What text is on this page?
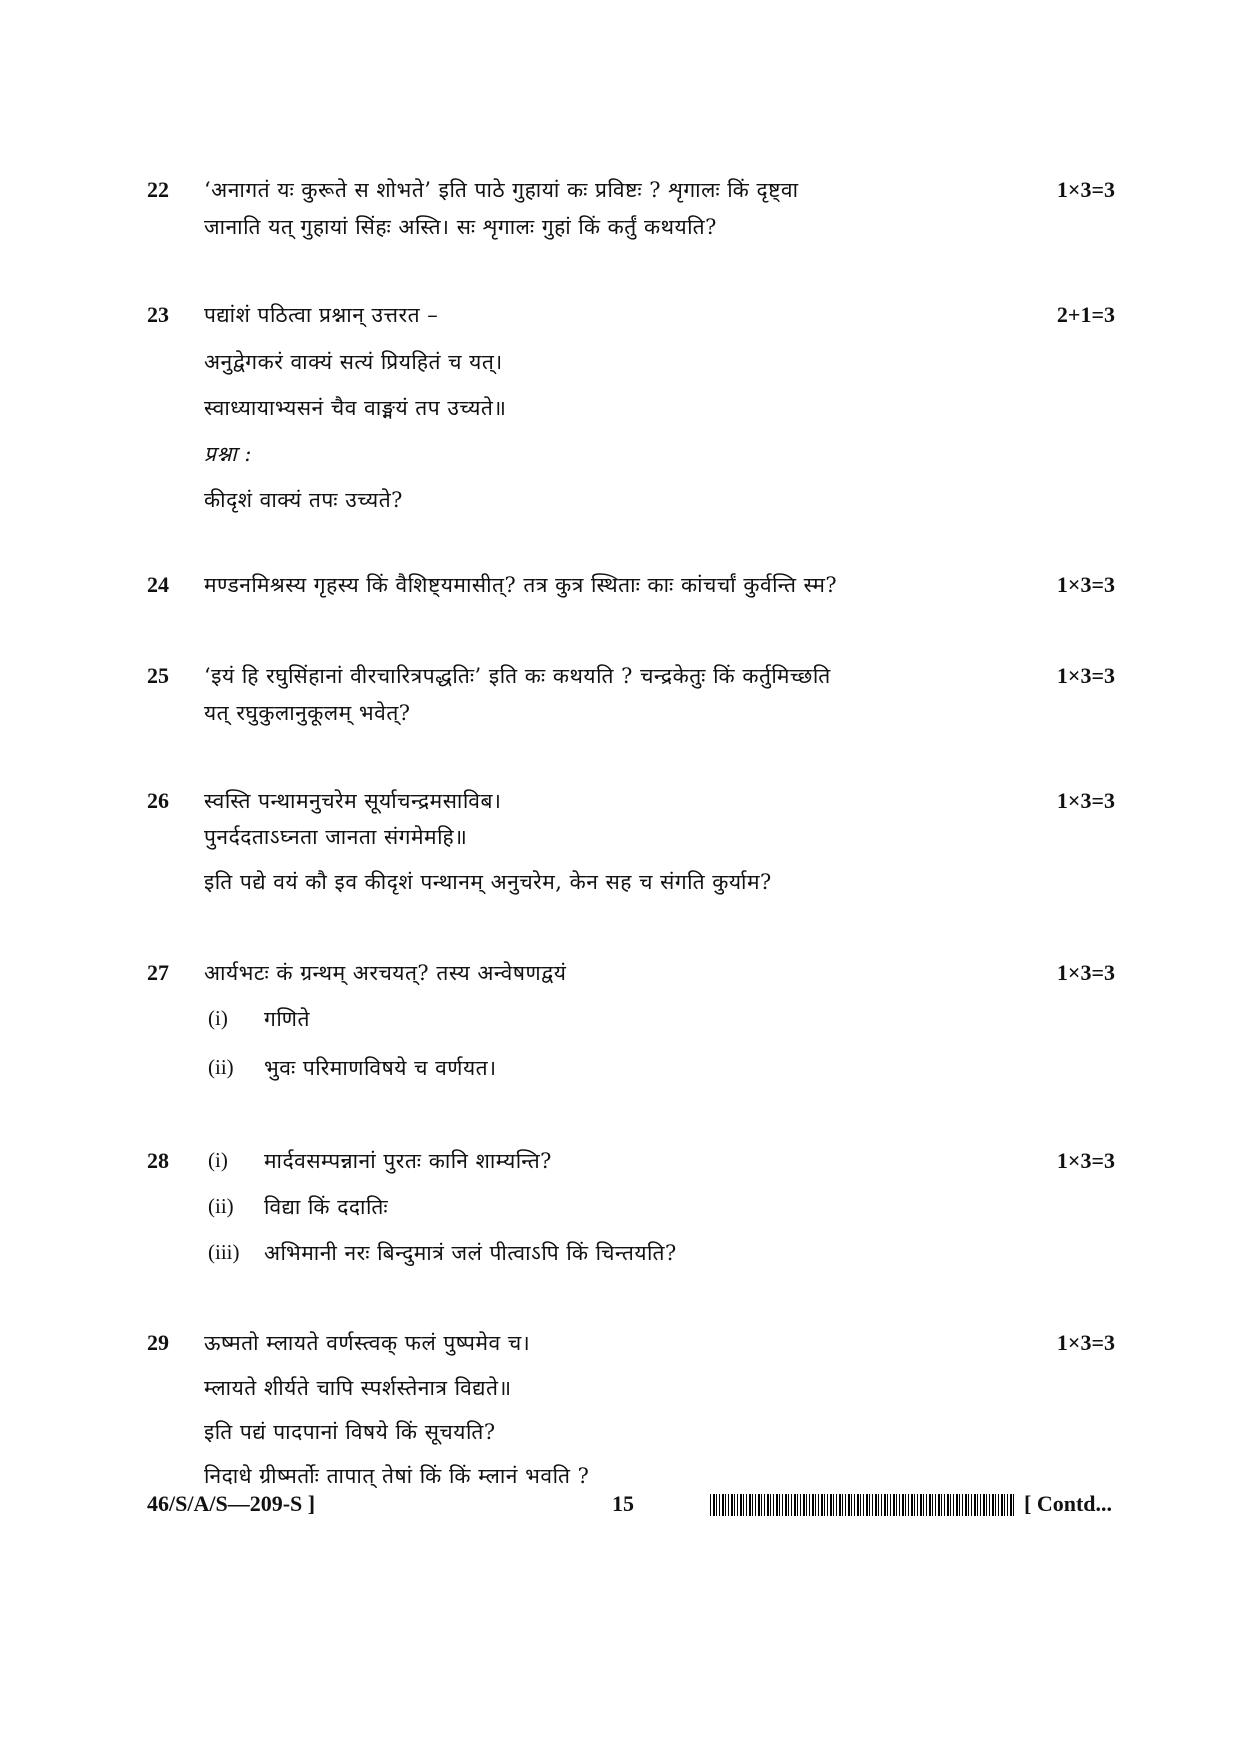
22 ‘अनागतं यः कुरूते स शोभते’ इति पाठे गुहायां कः प्रविष्टः ? शृगालः किं दृष्ट्वा	1×3=3
जानाति यत् गुहायां सिंहः अस्ति। सः शृगालः गुहां किं कर्तुं कथयति?
23 पद्यांशं पठित्वा प्रश्नान् उत्तरत –	2+1=3
अनुद्वेगकरं वाक्यं सत्यं प्रियहितं च यत्।
स्वाध्यायाभ्यसनं चैव वाङ्मयं तप उच्यते॥
प्रश्ना :
कीदृशं वाक्यं तपः उच्यते?
24 मण्डनमिश्रस्य गृहस्य किं वैशिष्ट्यमासीत्? तत्र कुत्र स्थिताः काः कांचर्चां कुर्वन्ति स्म?	1×3=3
25 ‘इयं हि रघुसिंहानां वीरचारित्रपद्धतिः’ इति कः कथयति ? चन्द्रकेतुः किं कर्तुमिच्छति	1×3=3
यत् रघुकुलानुकूलम् भवेत्?
26 स्वस्ति पन्थामनुचरेम सूर्याचन्द्रमसाविब।	1×3=3
पुनर्ददताऽघ्नता जानता संगमेमहि॥
इति पद्ये वयं कौ इव कीदृशं पन्थानम् अनुचरेम, केन सह च संगति कुर्याम?
27 आर्यभटः कं ग्रन्थम् अरचयत्? तस्य अन्वेषणद्वयं	1×3=3
(i) गणिते
(ii) भुवः परिमाणविषये च वर्णयत।
28 (i) मार्दवसम्पन्नानां पुरतः कानि शाम्यन्ति?	1×3=3
(ii) विद्या किं ददातिः
(iii) अभिमानी नरः बिन्दुमात्रं जलं पीत्वाऽपि किं चिन्तयति?
29 ऊष्मतो म्लायते वर्णस्त्वक् फलं पुष्पमेव च।	1×3=3
म्लायते शीर्यते चापि स्पर्शस्तेनात्र विद्यते॥
इति पद्यं पादपानां विषये किं सूचयति?
निदाधे ग्रीष्मर्तोः तापात् तेषां किं किं म्लानं भवति ?
46/S/A/S—209-S ]	15	[ Contd...
